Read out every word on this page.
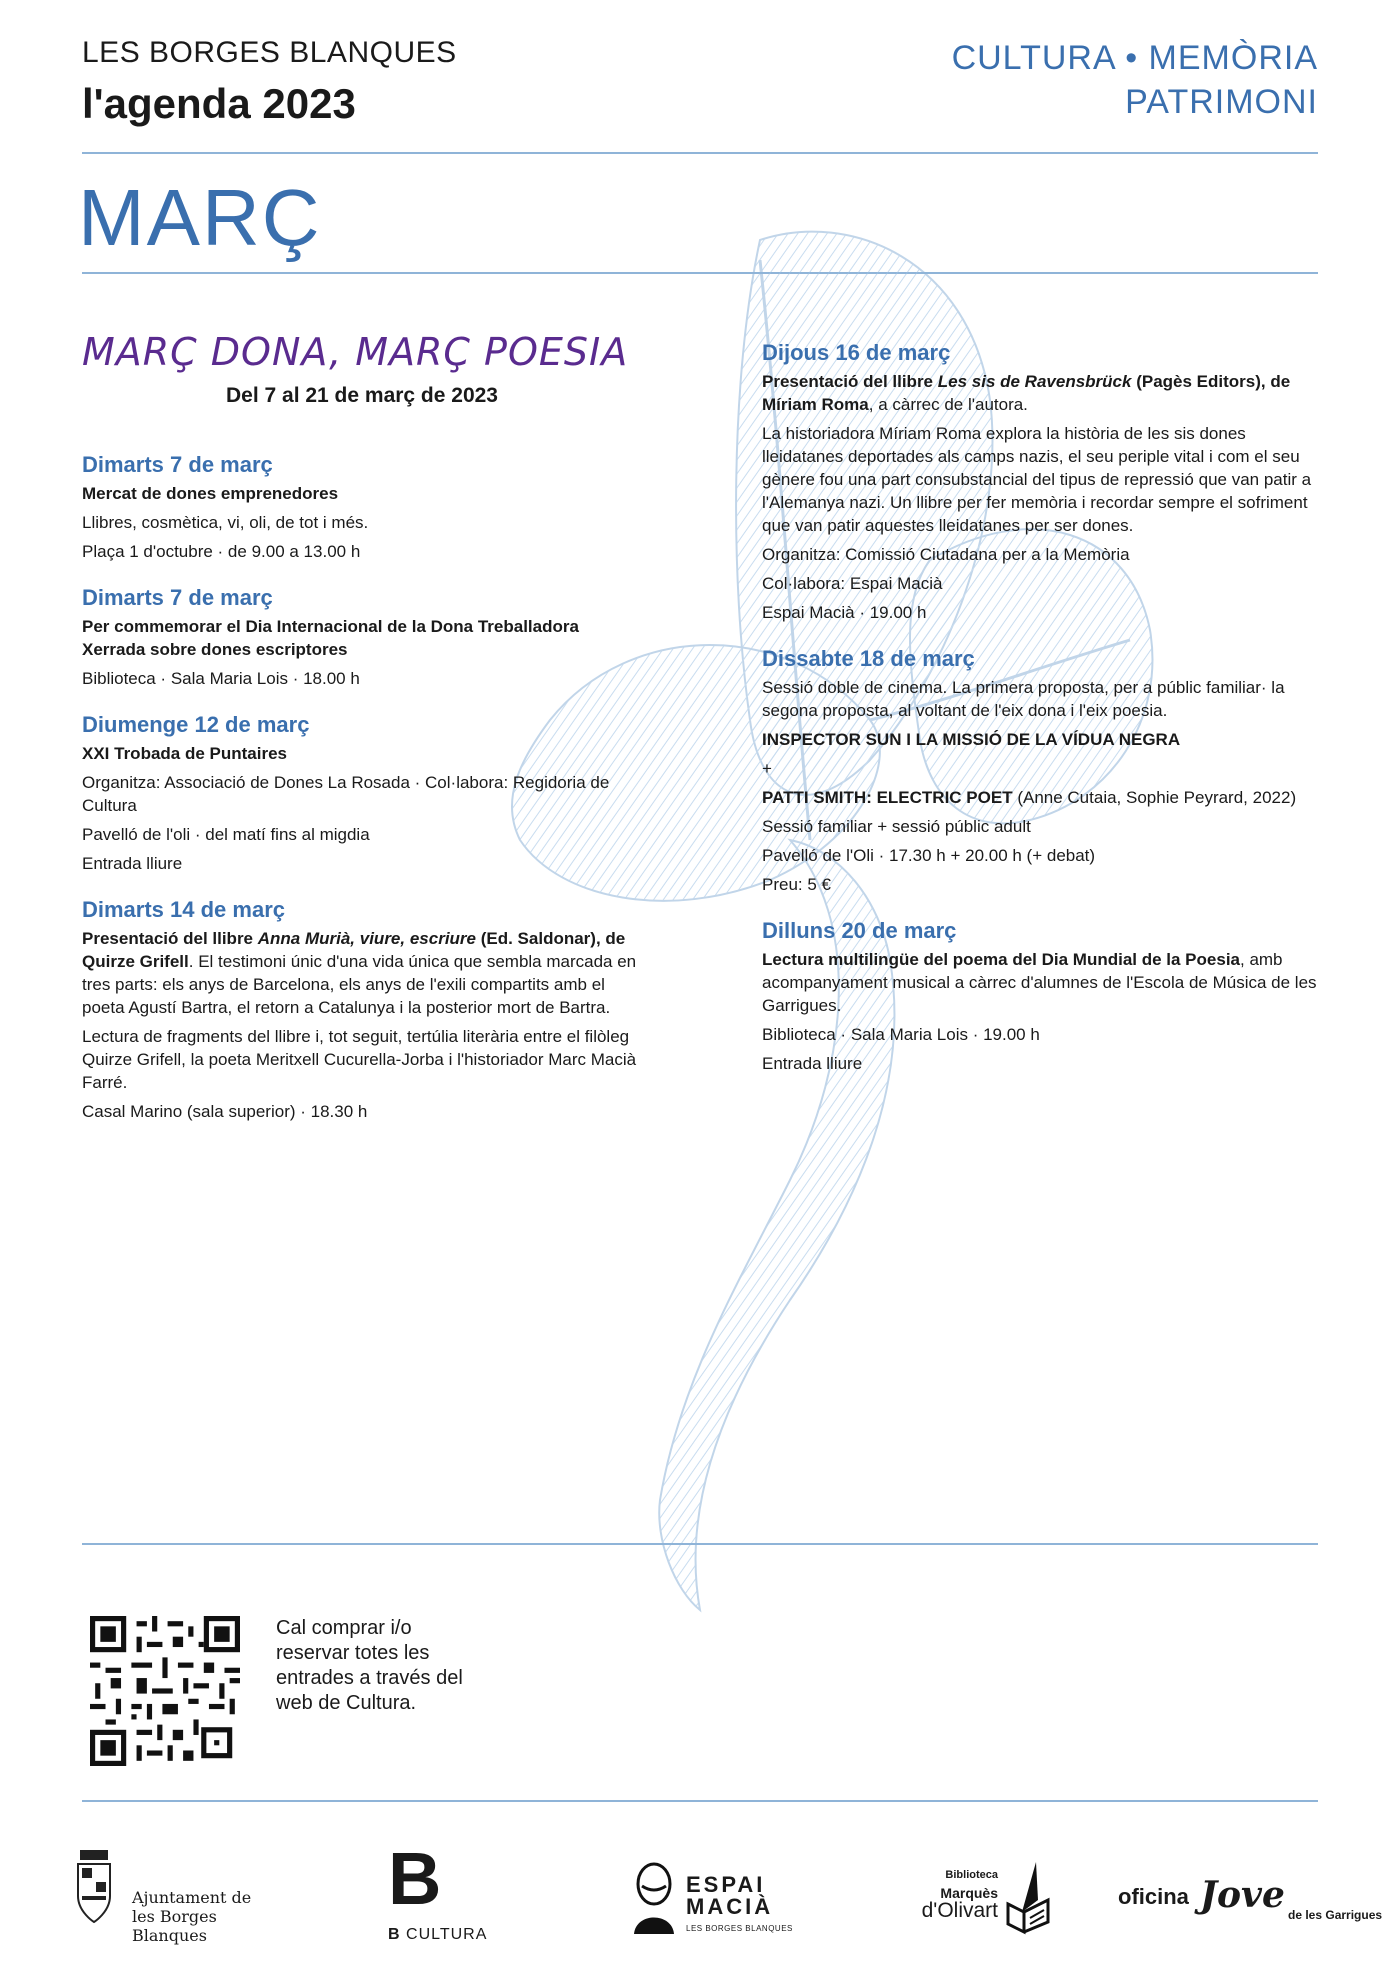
LES BORGES BLANQUES
l'agenda 2023
CULTURA • MEMÒRIA
PATRIMONI
MARÇ
MARÇ DONA, MARÇ POESIA
Del 7 al 21 de març de 2023
Dimarts 7 de març

Mercat de dones emprenedores

Llibres, cosmètica, vi, oli, de tot i més.

Plaça 1 d'octubre · de 9.00 a 13.00 h

Dimarts 7 de març

Per commemorar el Dia Internacional de la Dona Treballadora

Xerrada sobre dones escriptores

Biblioteca · Sala Maria Lois · 18.00 h

Diumenge 12 de març

XXI Trobada de Puntaires

Organitza: Associació de Dones La Rosada · Col·labora: Regidoria de Cultura

Pavelló de l'oli · del matí fins al migdia

Entrada lliure

Dimarts 14 de març

Presentació del llibre Anna Murià, viure, escriure (Ed. Saldonar), de Quirze Grifell. El testimoni únic d'una vida única que sembla marcada en tres parts: els anys de Barcelona, els anys de l'exili compartits amb el poeta Agustí Bartra, el retorn a Catalunya i la posterior mort de Bartra.

Lectura de fragments del llibre i, tot seguit, tertúlia literària entre el filòleg Quirze Grifell, la poeta Meritxell Cucurella-Jorba i l'historiador Marc Macià Farré.

Casal Marino (sala superior) · 18.30 h

Dijous 16 de març

Presentació del llibre Les sis de Ravensbrück (Pagès Editors), de Míriam Roma, a càrrec de l'autora.

La historiadora Míriam Roma explora la història de les sis dones lleidatanes deportades als camps nazis, el seu periple vital i com el seu gènere fou una part consubstancial del tipus de repressió que van patir a l'Alemanya nazi. Un llibre per fer memòria i recordar sempre el sofriment que van patir aquestes lleidatanes per ser dones.

Organitza: Comissió Ciutadana per a la Memòria

Col·labora: Espai Macià

Espai Macià · 19.00 h

Dissabte 18 de març

Sessió doble de cinema. La primera proposta, per a públic familiar· la segona proposta, al voltant de l'eix dona i l'eix poesia.

INSPECTOR SUN I LA MISSIÓ DE LA VÍDUA NEGRA

+

PATTI SMITH: ELECTRIC POET (Anne Cutaia, Sophie Peyrard, 2022)

Sessió familiar + sessió públic adult

Pavelló de l'Oli · 17.30 h + 20.00 h (+ debat)

Preu: 5 €

Dilluns 20 de març

Lectura multilingüe del poema del Dia Mundial de la Poesia, amb acompanyament musical a càrrec d'alumnes de l'Escola de Música de les Garrigues.

Biblioteca · Sala Maria Lois · 19.00 h

Entrada lliure

Cal comprar i/o reservar totes les entrades a través del web de Cultura.
Ajuntament de
les Borges Blanques
B
B CULTURA
ESPAI
MACIÀ
LES BORGES BLANQUES
Biblioteca
Marquès
d'Olivart
oficina Jove de les Garrigues
